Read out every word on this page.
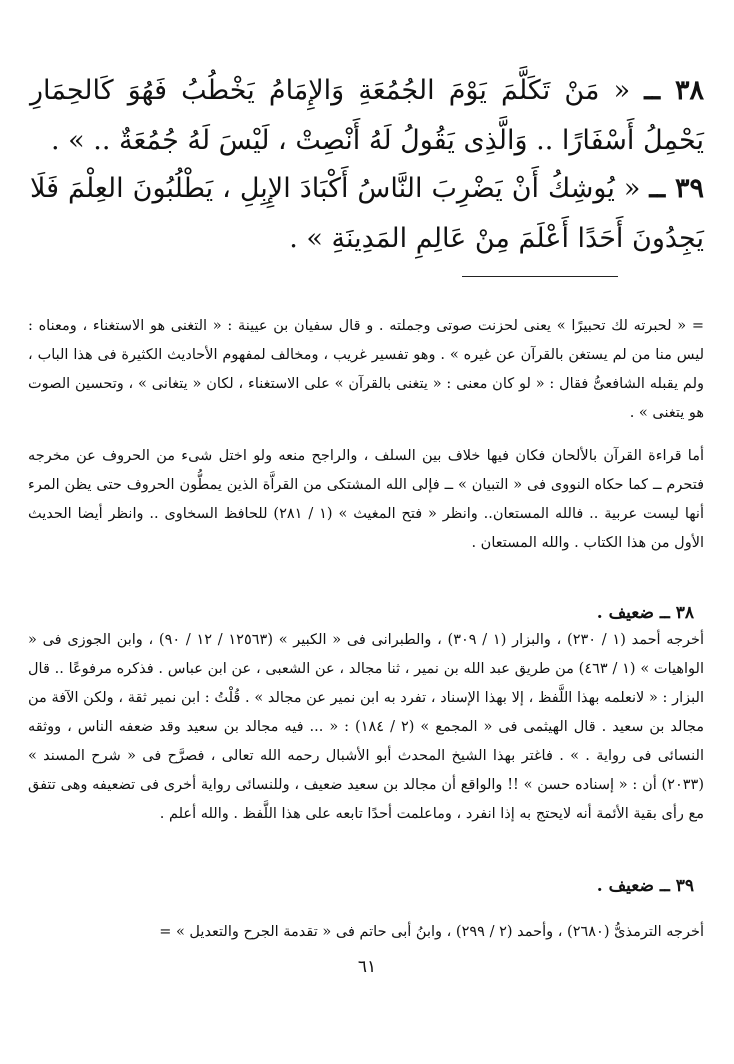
٣٨ ــ « مَنْ تَكَلَّمَ يَوْمَ الجُمُعَةِ وَالإِمَامُ يَخْطُبُ فَهُوَ كَالحِمَارِ يَحْمِلُ أَسْفَارًا .. وَالَّذِى يَقُولُ لَهُ أَنْصِتْ ، لَيْسَ لَهُ جُمُعَةٌ .. » .
٣٩ ــ « يُوشِكُ أَنْ يَضْرِبَ النَّاسُ أَكْبَادَ الإِبِلِ ، يَطْلُبُونَ العِلْمَ فَلَا يَجِدُونَ أَحَدًا أَعْلَمَ مِنْ عَالِمِ المَدِينَةِ » .

= « لحبرته لك تحبيرًا » يعنى لحزنت صوتى وجملته . و قال سفيان بن عيينة : « التغنى هو الاستغناء ، ومعناه : ليس منا من لم يستغن بالقرآن عن غيره » . وهو تفسير غريب ، ومخالف لمفهوم الأحاديث الكثيرة فى هذا الباب ، ولم يقبله الشافعىُّ فقال : « لو كان معنى : « يتغنى بالقرآن » على الاستغناء ، لكان « يتغانى » ، وتحسين الصوت هو يتغنى » .

أما قراءة القرآن بالألحان فكان فيها خلاف بين السلف ، والراجح منعه ولو اختل شىء من الحروف عن مخرجه فتحرم ــ كما حكاه النووى فى « التبيان » ــ فإلى الله المشتكى من القراَّة الذين يمطُّون الحروف حتى يظن المرء أنها ليست عربية .. فالله المستعان.. وانظر « فتح المغيث » (١ / ٢٨١) للحافظ السخاوى .. وانظر أيضا الحديث الأول من هذا الكتاب . والله المستعان .

٣٨ ــ ضعيف .

أخرجه أحمد (١ / ٢٣٠) ، والبزار (١ / ٣٠٩) ، والطبرانى فى « الكبير » (١٢٥٦٣ / ١٢ / ٩٠) ، وابن الجوزى فى « الواهيات » (١ / ٤٦٣) من طريق عبد الله بن نمير ، ثنا مجالد ، عن الشعبى ، عن ابن عباس . فذكره مرفوعًا .. قال البزار : « لانعلمه بهذا اللَّفظ ، إلا بهذا الإسناد ، تفرد به ابن نمير عن مجالد » . قُلْتُ : ابن نمير ثقة ، ولكن الآفة من مجالد بن سعيد . قال الهيثمى فى « المجمع » (٢ / ١٨٤) : « ... فيه مجالد بن سعيد وقد ضعفه الناس ، ووثقه النسائى فى رواية . » . فاغتر بهذا الشيخ المحدث أبو الأشبال رحمه الله تعالى ، فصرَّح فى « شرح المسند » (٢٠٣٣) أن : « إسناده حسن » !! والواقع أن مجالد بن سعيد ضعيف ، وللنسائى رواية أخرى فى تضعيفه وهى تتفق مع رأى بقية الأئمة أنه لايحتج به إذا انفرد ، وماعلمت أحدًا تابعه على هذا اللَّفظ . والله أعلم .

٣٩ ــ ضعيف .

أخرجه الترمذىُّ (٢٦٨٠) ، وأحمد (٢ / ٢٩٩) ، وابنُ أبى حاتم فى « تقدمة الجرح والتعديل » =

٦١
